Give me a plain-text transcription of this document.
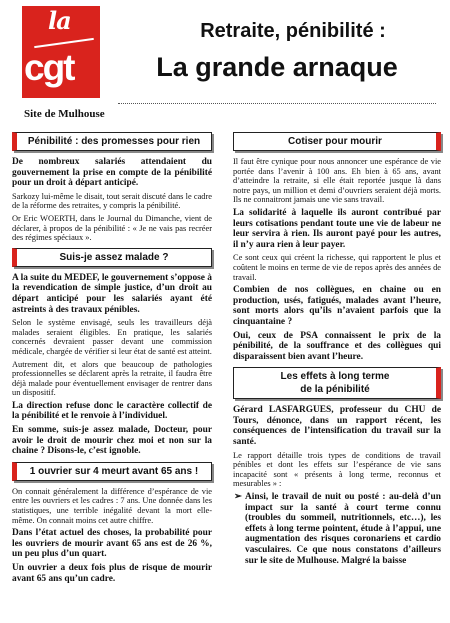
la
cgt
Retraite, pénibilité :
La grande arnaque
Site de Mulhouse
Pénibilité : des promesses pour rien

De nombreux salariés attendaient du gouvernement la prise en compte de la pénibilité pour un droit à départ anticipé.

Sarkozy lui-même le disait, tout serait discuté dans le cadre de la réforme des retraites, y compris la pénibilité.

Or Eric WOERTH, dans le Journal du Dimanche, vient de déclarer, à propos de la pénibilité : « Je ne vais pas recréer des régimes spéciaux ».

Suis-je assez malade ?

A la suite du MEDEF, le gouvernement s’oppose à la revendication de simple justice, d’un droit au départ anticipé pour les salariés ayant été astreints à des travaux pénibles.

Selon le système envisagé, seuls les travailleurs déjà malades seraient éligibles. En pratique, les salariés concernés devraient passer devant une commission médicale, chargée de vérifier si leur état de santé est atteint.

Autrement dit, et alors que beaucoup de pathologies professionnelles se déclarent après la retraite, il faudra être déjà malade pour éventuellement envisager de rentrer dans un dispositif.

La direction refuse donc le caractère collectif de la pénibilité et le renvoie à l’individuel.

En somme, suis-je assez malade, Docteur, pour avoir le droit de mourir chez moi et non sur la chaine ? Disons-le, c’est ignoble.

1 ouvrier sur 4 meurt avant 65 ans !

On connait généralement la différence d’espérance de vie entre les ouvriers et les cadres : 7 ans. Une donnée dans les statistiques, une terrible inégalité devant la mort elle-même. On connait moins cet autre chiffre.

Dans l’état actuel des choses, la probabilité pour les ouvriers de mourir avant 65 ans est de 26 %, un peu plus d’un quart.

Un ouvrier a deux fois plus de risque de mourir avant 65 ans qu’un cadre.

Cotiser pour mourir

Il faut être cynique pour nous annoncer une espérance de vie portée dans l’avenir à 100 ans. Eh bien à 65 ans, avant d’atteindre la retraite, si elle était reportée jusque là dans notre pays, un million et demi d’ouvriers seraient déjà morts. Ils ne connaitront jamais une vie sans travail.

La solidarité à laquelle ils auront contribué par leurs cotisations pendant toute une vie de labeur ne leur servira à rien. Ils auront payé pour les autres, il n’y aura rien à leur payer.

Ce sont ceux qui créent la richesse, qui rapportent le plus et coûtent le moins en terme de vie de repos après des années de travail.

Combien de nos collègues, en chaine ou en production, usés, fatigués, malades avant l’heure, sont morts alors qu’ils n’avaient parfois que la cinquantaine ?

Oui, ceux de PSA connaissent le prix de la pénibilité, de la souffrance et des collègues qui disparaissent bien avant l’heure.

Les effets à long terme
de la pénibilité

Gérard LASFARGUES, professeur du CHU de Tours, dénonce, dans un rapport récent, les conséquences de l’intensification du travail sur la santé.

Le rapport détaille trois types de conditions de travail pénibles et dont les effets sur l’espérance de vie sans incapacité sont « présents à long terme, reconnus et mesurables » :

➢ Ainsi, le travail de nuit ou posté : au-delà d’un impact sur la santé à court terme connu (troubles du sommeil, nutritionnels, etc…), les effets à long terme pointent, étude à l’appui, une augmentation des risques coronariens et cardio vasculaires. Ce que nous constatons d’ailleurs sur le site de Mulhouse. Malgré la baisse
